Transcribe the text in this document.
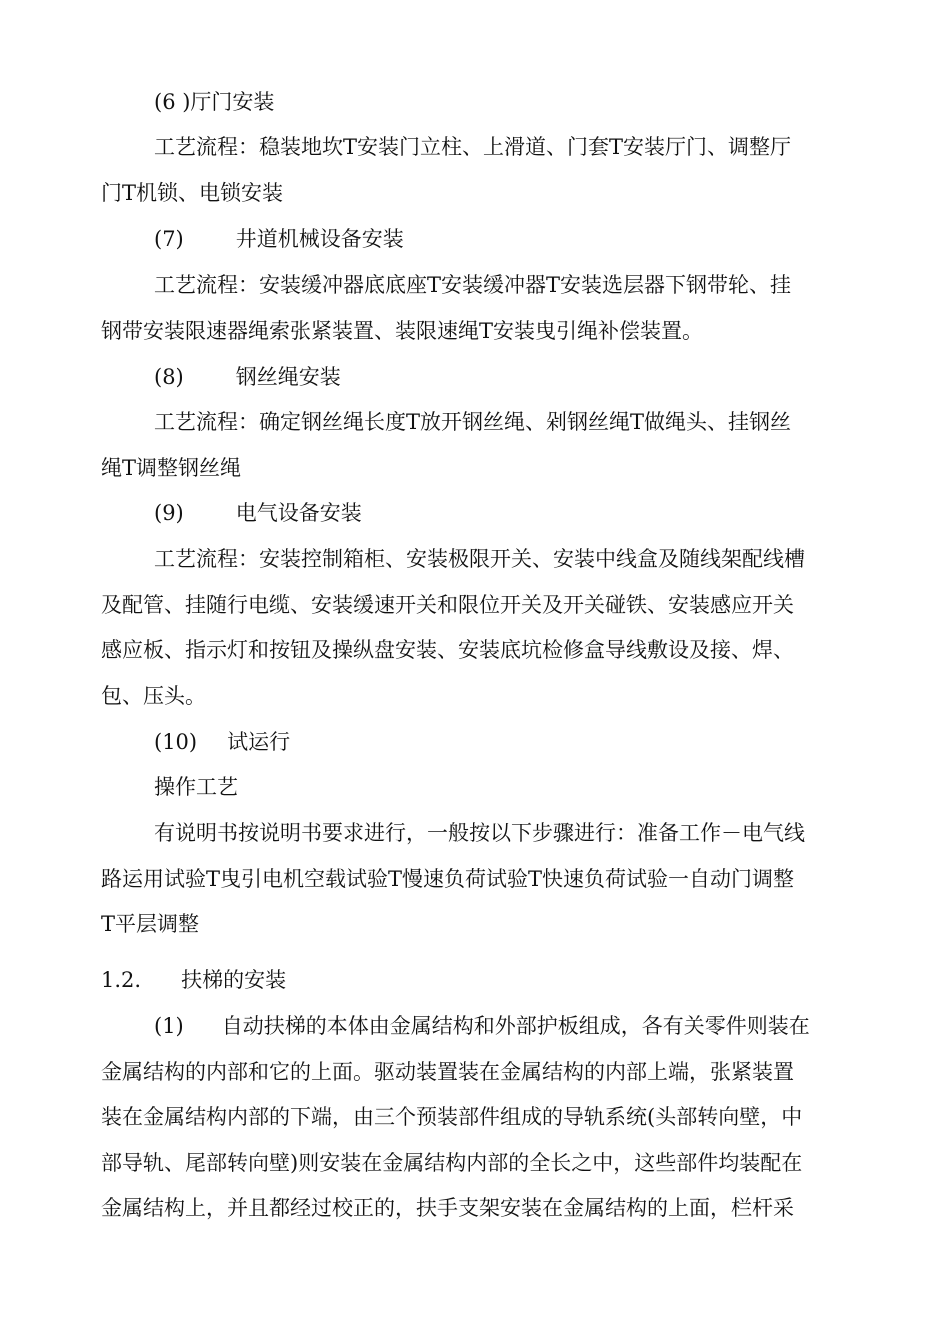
(6 )厅门安装
工艺流程：稳装地坎T安装门立柱、上滑道、门套T安装厅门、调整厅
门T机锁、电锁安装
(7) 井道机械设备安装
工艺流程：安装缓冲器底底座T安装缓冲器T安装选层器下钢带轮、挂
钢带安装限速器绳索张紧装置、装限速绳T安装曳引绳补偿装置。
(8) 钢丝绳安装
工艺流程：确定钢丝绳长度T放开钢丝绳、剁钢丝绳T做绳头、挂钢丝
绳T调整钢丝绳
(9) 电气设备安装
工艺流程：安装控制箱柜、安装极限开关、安装中线盒及随线架配线槽
及配管、挂随行电缆、安装缓速开关和限位开关及开关碰铁、安装感应开关
感应板、指示灯和按钮及操纵盘安装、安装底坑检修盒导线敷设及接、焊、
包、压头。
(10) 试运行
操作工艺
有说明书按说明书要求进行，一般按以下步骤进行：准备工作－电气线
路运用试验T曳引电机空载试验T慢速负荷试验T快速负荷试验一自动门调整
T平层调整
1.2. 扶梯的安装
(1) 自动扶梯的本体由金属结构和外部护板组成，各有关零件则装在
金属结构的内部和它的上面。驱动装置装在金属结构的内部上端，张紧装置
装在金属结构内部的下端，由三个预装部件组成的导轨系统(头部转向壁，中
部导轨、尾部转向壁)则安装在金属结构内部的全长之中，这些部件均装配在
金属结构上，并且都经过校正的，扶手支架安装在金属结构的上面，栏杆采
